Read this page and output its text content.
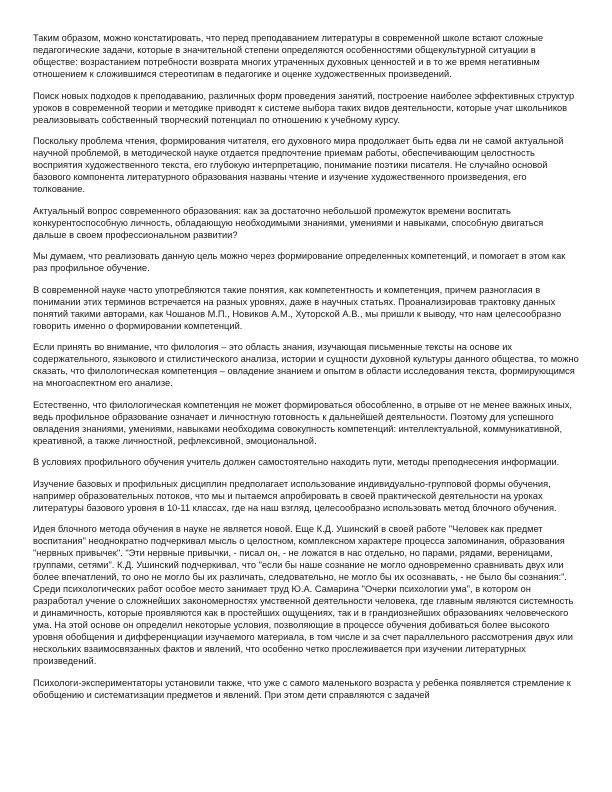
Таким образом, можно констатировать, что перед преподаванием литературы в современной школе встают сложные педагогические задачи, которые в значительной степени определяются особенностями общекультурной ситуации в обществе: возрастанием потребности возврата многих утраченных духовных ценностей и в то же время негативным отношением к сложившимся стереотипам в педагогике и оценке художественных произведений.

Поиск новых подходов к преподаванию, различных форм проведения занятий, построение наиболее эффективных структур уроков в современной теории и методике приводят к системе выбора таких видов деятельности, которые учат школьников реализовывать собственный творческий потенциал по отношению к учебному курсу.

Поскольку проблема чтения, формирования читателя, его духовного мира продолжает быть едва ли не самой актуальной научной проблемой, в методической науке отдается предпочтение приемам работы, обеспечивающим целостность восприятия художественного текста, его глубокую интерпретацию, понимание поэтики писателя. Не случайно основой базового компонента литературного образования названы чтение и изучение художественного произведения, его толкование.

Актуальный вопрос современного образования: как за достаточно небольшой промежуток времени воспитать конкурентоспособную личность, обладающую необходимыми знаниями, умениями и навыками, способную двигаться дальше в своем профессиональном развитии?

Мы думаем, что реализовать данную цель можно через формирование определенных компетенций, и помогает в этом как раз профильное обучение.

В современной науке часто употребляются такие понятия, как компетентность и компетенция, причем разногласия в понимании этих терминов встречается на разных уровнях, даже в научных статьях. Проанализировав трактовку данных понятий такими авторами, как Чошанов М.П., Новиков А.М., Хуторской А.В., мы пришли к выводу, что нам целесообразно говорить именно о формировании компетенций.

Если принять во внимание, что филология – это область знания, изучающая письменные тексты на основе их содержательного, языкового и стилистического анализа, истории и сущности духовной культуры данного общества, то можно сказать, что филологическая компетенция – овладение знанием и опытом в области исследования текста, формирующимся на многоаспектном его анализе.

Естественно, что филологическая компетенция не может формироваться обособленно, в отрыве от не менее важных иных, ведь профильное образование означает и личностную готовность к дальнейшей деятельности. Поэтому для успешного овладения знаниями, умениями, навыками необходима совокупность компетенций: интеллектуальной, коммуникативной, креативной, а также личностной, рефлексивной, эмоциональной.

В условиях профильного обучения учитель должен самостоятельно находить пути, методы преподнесения информации.

Изучение базовых и профильных дисциплин предполагает использование индивидуально-групповой формы обучения, например образовательных потоков, что мы и пытаемся апробировать в своей практической деятельности на уроках литературы базового уровня в 10-11 классах, где на наш взгляд, целесообразно использовать метод блочного обучения.

Идея блочного метода обучения в науке не является новой. Еще К.Д. Ушинский в своей работе "Человек как предмет воспитания" неоднократно подчеркивал мысль о целостном, комплексном характере процесса запоминания, образования "нервных привычек". "Эти нервные привычки, - писал он, - не ложатся в нас отдельно, но парами, рядами, вереницами, группами, сетями". К.Д. Ушинский подчеркивал, что "если бы наше сознание не могло одновременно сравнивать двух или более впечатлений, то оно не могло бы их различать, следовательно, не могло бы их осознавать, - не было бы сознания:". Среди психологических работ особое место занимает труд Ю.А. Самарина "Очерки психологии ума", в котором он разработал учение о сложнейших закономерностях умственной деятельности человека, где главным являются системность и динамичность, которые проявляются как в простейших ощущениях, так и в грандиознейших образованиях человеческого ума. На этой основе он определил некоторые условия, позволяющие в процессе обучения добиваться более высокого уровня обобщения и дифференциации изучаемого материала, в том числе и за счет параллельного рассмотрения двух или нескольких взаимосвязанных фактов и явлений, что особенно четко прослеживается при изучении литературных произведений.

Психологи-экспериментаторы установили также, что уже с самого маленького возраста у ребенка появляется стремление к обобщению и систематизации предметов и явлений. При этом дети справляются с задачей
